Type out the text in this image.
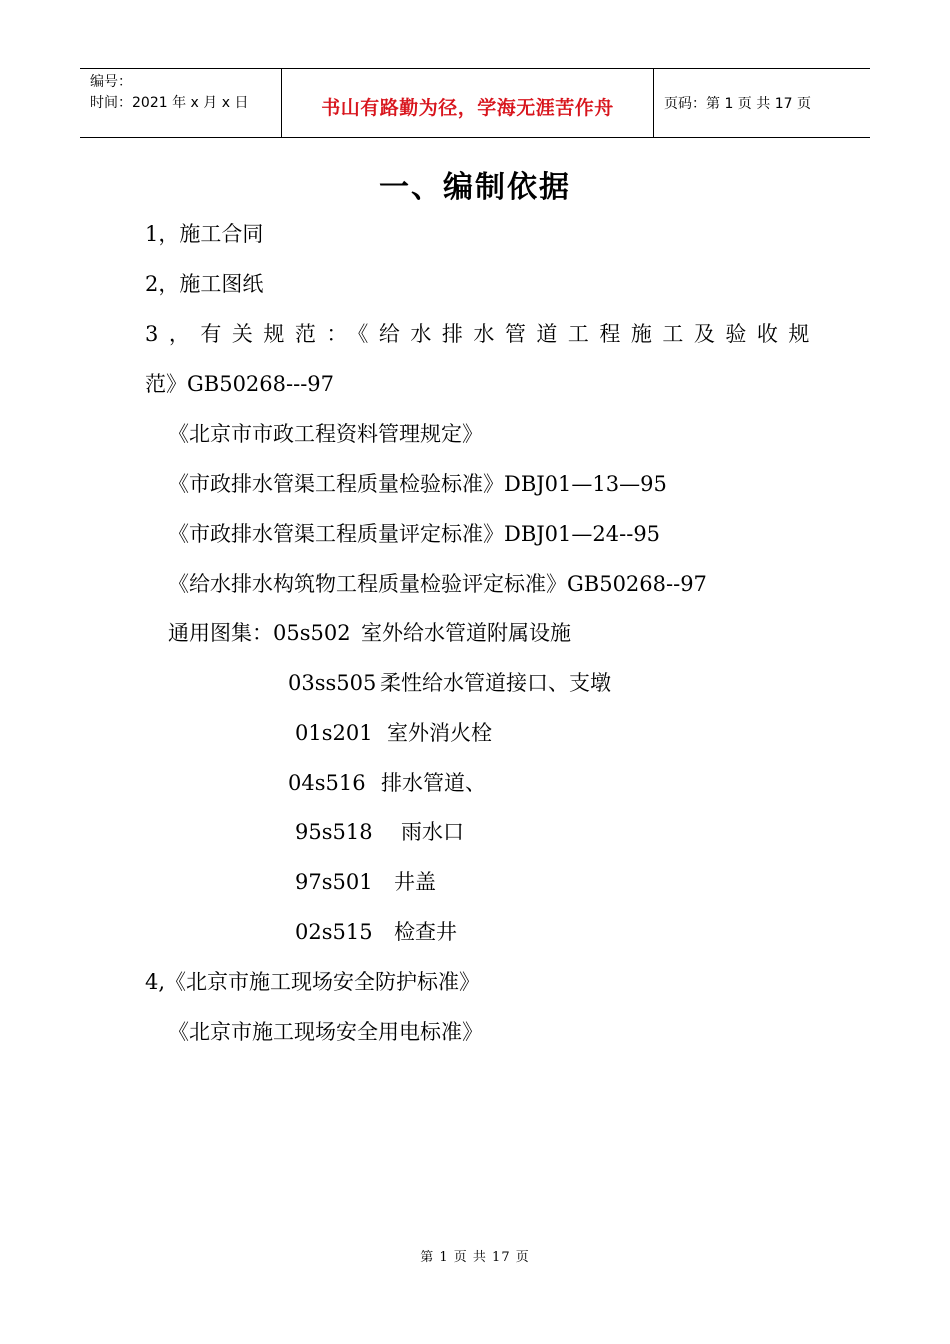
编号：
时间：2021 年 x 月 x 日	书山有路勤为径，学海无涯苦作舟	页码：第 1 页 共 17 页
一、编制依据
1，施工合同
2，施工图纸
3，有关规范：《给水排水管道工程施工及验收规
范》GB50268---97
《北京市市政工程资料管理规定》
《市政排水管渠工程质量检验标准》DBJ01—13—95
《市政排水管渠工程质量评定标准》DBJ01—24--95
《给水排水构筑物工程质量检验评定标准》GB50268--97
通用图集：05s502 室外给水管道附属设施
03ss505 柔性给水管道接口、支墩
01s201 室外消火栓
04s516 排水管道、
95s518 雨水口
97s501 井盖
02s515 检查井
4,《北京市施工现场安全防护标准》
《北京市施工现场安全用电标准》
第 1 页 共 17 页
